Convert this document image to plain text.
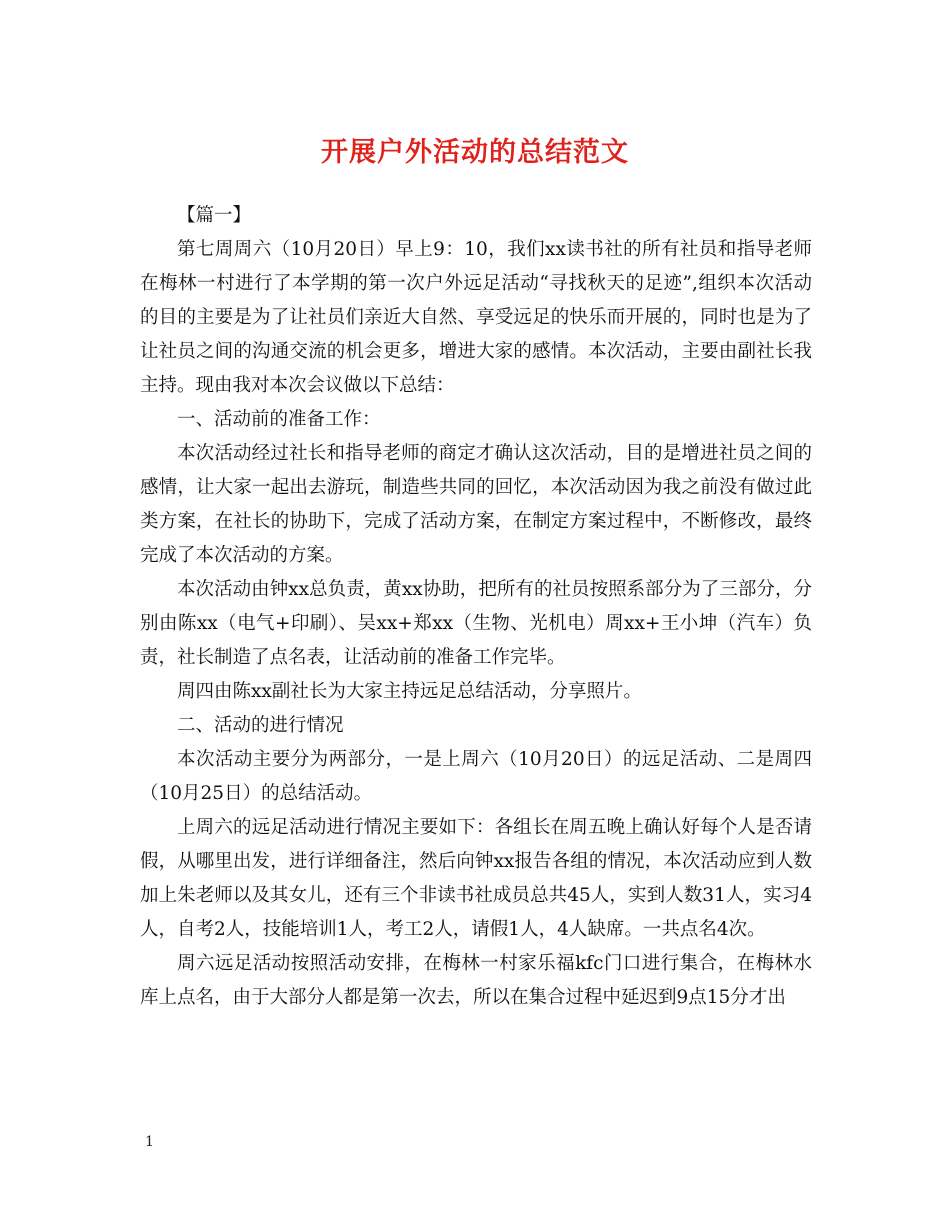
开展户外活动的总结范文

【篇一】

第七周周六（10月20日）早上9：10，我们xx读书社的所有社员和指导老师在梅林一村进行了本学期的第一次户外远足活动“寻找秋天的足迹”,组织本次活动的目的主要是为了让社员们亲近大自然、享受远足的快乐而开展的，同时也是为了让社员之间的沟通交流的机会更多，增进大家的感情。本次活动，主要由副社长我主持。现由我对本次会议做以下总结：

一、活动前的准备工作：

本次活动经过社长和指导老师的商定才确认这次活动，目的是增进社员之间的感情，让大家一起出去游玩，制造些共同的回忆，本次活动因为我之前没有做过此类方案，在社长的协助下，完成了活动方案，在制定方案过程中，不断修改，最终完成了本次活动的方案。

本次活动由钟xx总负责，黄xx协助，把所有的社员按照系部分为了三部分，分别由陈xx（电气+印刷）、吴xx+郑xx（生物、光机电）周xx+王小坤（汽车）负责，社长制造了点名表，让活动前的准备工作完毕。

周四由陈xx副社长为大家主持远足总结活动，分享照片。

二、活动的进行情况

本次活动主要分为两部分，一是上周六（10月20日）的远足活动、二是周四（10月25日）的总结活动。

上周六的远足活动进行情况主要如下：各组长在周五晚上确认好每个人是否请假，从哪里出发，进行详细备注，然后向钟xx报告各组的情况，本次活动应到人数加上朱老师以及其女儿，还有三个非读书社成员总共45人，实到人数31人，实习4人，自考2人，技能培训1人，考工2人，请假1人，4人缺席。一共点名4次。

周六远足活动按照活动安排，在梅林一村家乐福kfc门口进行集合，在梅林水库上点名，由于大部分人都是第一次去，所以在集合过程中延迟到9点15分才出

1
